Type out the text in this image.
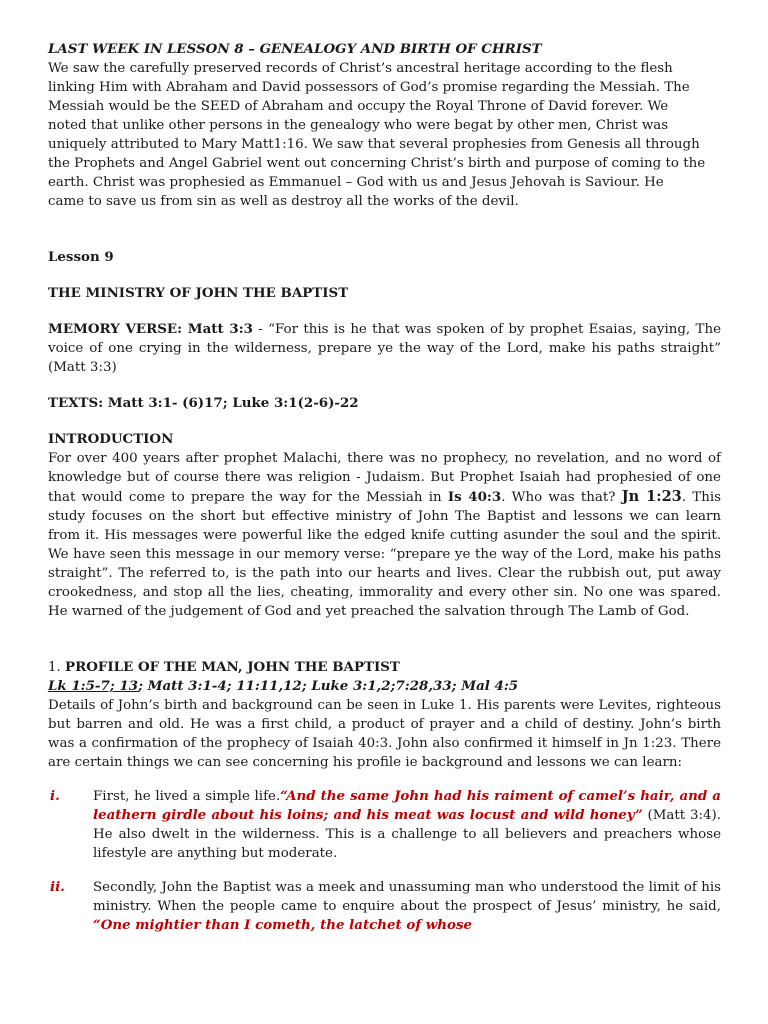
LAST WEEK IN LESSON 8 – GENEALOGY AND BIRTH OF CHRIST
We saw the carefully preserved records of Christ’s ancestral heritage according to the flesh
linking Him with Abraham and David possessors of God’s promise regarding the Messiah. The
Messiah would be the SEED of Abraham and occupy the Royal Throne of David forever. We
noted that unlike other persons in the genealogy who were begat by other men, Christ was
uniquely attributed to Mary Matt1:16. We saw that several prophesies from Genesis all through
the Prophets and Angel Gabriel went out concerning Christ’s birth and purpose of coming to the
earth. Christ was prophesied as Emmanuel – God with us and Jesus Jehovah is Saviour. He
came to save us from sin as well as destroy all the works of the devil.
Lesson 9
THE MINISTRY OF JOHN THE BAPTIST
MEMORY VERSE: Matt 3:3 - “For this is he that was spoken of by prophet Esaias, saying, The voice of one crying in the wilderness, prepare ye the way of the Lord, make his paths straight” (Matt 3:3)
TEXTS: Matt 3:1- (6)17; Luke 3:1(2-6)-22
INTRODUCTION
For over 400 years after prophet Malachi, there was no prophecy, no revelation, and no word of knowledge but of course there was religion - Judaism. But Prophet Isaiah had prophesied of one that would come to prepare the way for the Messiah in Is 40:3. Who was that? Jn 1:23. This study focuses on the short but effective ministry of John The Baptist and lessons we can learn from it. His messages were powerful like the edged knife cutting asunder the soul and the spirit. We have seen this message in our memory verse: “prepare ye the way of the Lord, make his paths straight”. The referred to, is the path into our hearts and lives. Clear the rubbish out, put away crookedness, and stop all the lies, cheating, immorality and every other sin. No one was spared. He warned of the judgement of God and yet preached the salvation through The Lamb of God.
1. PROFILE OF THE MAN, JOHN THE BAPTIST
Lk 1:5-7; 13; Matt 3:1-4; 11:11,12; Luke 3:1,2;7:28,33; Mal 4:5
Details of John’s birth and background can be seen in Luke 1. His parents were Levites, righteous but barren and old. He was a first child, a product of prayer and a child of destiny. John’s birth was a confirmation of the prophecy of Isaiah 40:3. John also confirmed it himself in Jn 1:23. There are certain things we can see concerning his profile ie background and lessons we can learn:
i. First, he lived a simple life.“And the same John had his raiment of camel’s hair, and a leathern girdle about his loins; and his meat was locust and wild honey” (Matt 3:4). He also dwelt in the wilderness. This is a challenge to all believers and preachers whose lifestyle are anything but moderate.
ii. Secondly, John the Baptist was a meek and unassuming man who understood the limit of his ministry. When the people came to enquire about the prospect of Jesus’ ministry, he said, “One mightier than I cometh, the latchet of whose
